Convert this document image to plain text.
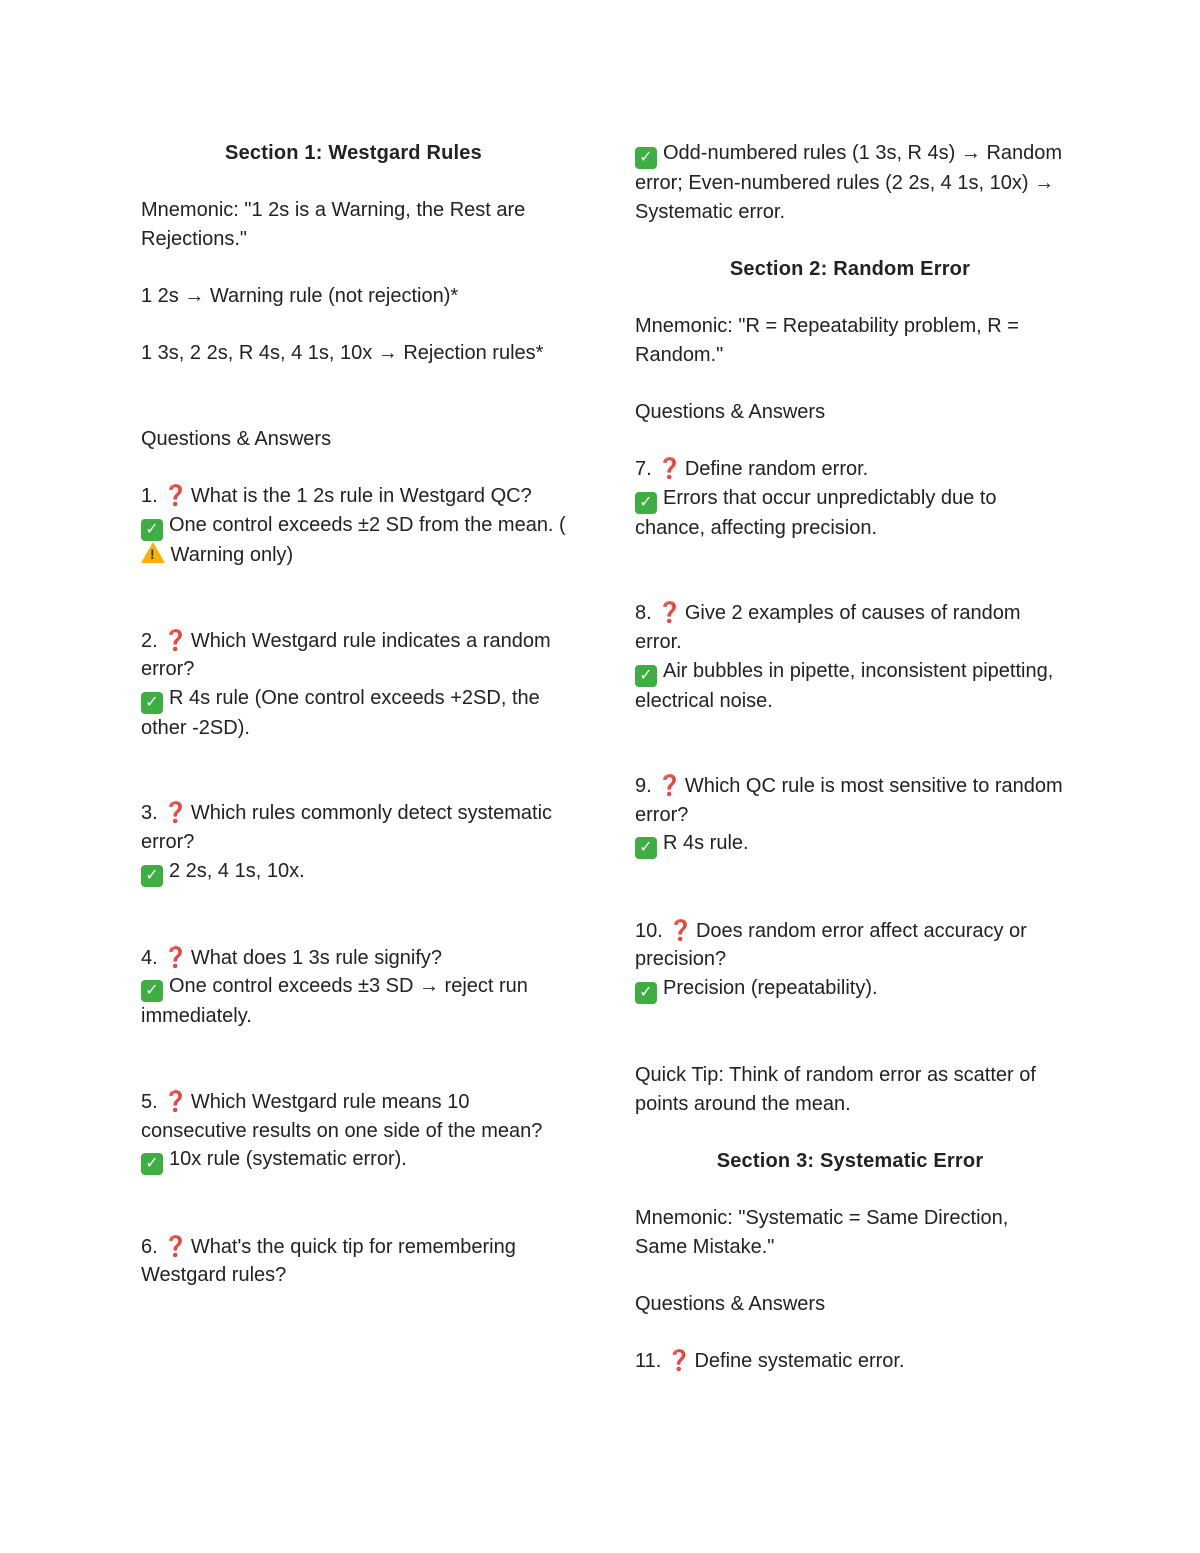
Section 1: Westgard Rules

Mnemonic: "1 2s is a Warning, the Rest are Rejections."

1 2s → Warning rule (not rejection)*

1 3s, 2 2s, R 4s, 4 1s, 10x → Rejection rules*

Questions & Answers

1. ❓ What is the 1 2s rule in Westgard QC?

✓ One control exceeds ±2 SD from the mean. (! Warning only)

2. ❓ Which Westgard rule indicates a random error?

✓ R 4s rule (One control exceeds +2SD, the other -2SD).

3. ❓ Which rules commonly detect systematic error?

✓ 2 2s, 4 1s, 10x.

4. ❓ What does 1 3s rule signify?

✓ One control exceeds ±3 SD → reject run immediately.

5. ❓ Which Westgard rule means 10 consecutive results on one side of the mean?

✓ 10x rule (systematic error).

6. ❓ What's the quick tip for remembering Westgard rules?

✓ Odd-numbered rules (1 3s, R 4s) → Random error; Even-numbered rules (2 2s, 4 1s, 10x) → Systematic error.

Section 2: Random Error

Mnemonic: "R = Repeatability problem, R = Random."

Questions & Answers

7. ❓ Define random error.

✓ Errors that occur unpredictably due to chance, affecting precision.

8. ❓ Give 2 examples of causes of random error.

✓ Air bubbles in pipette, inconsistent pipetting, electrical noise.

9. ❓ Which QC rule is most sensitive to random error?

✓ R 4s rule.

10. ❓ Does random error affect accuracy or precision?

✓ Precision (repeatability).

Quick Tip: Think of random error as scatter of points around the mean.

Section 3: Systematic Error

Mnemonic: "Systematic = Same Direction, Same Mistake."

Questions & Answers

11. ❓ Define systematic error.
